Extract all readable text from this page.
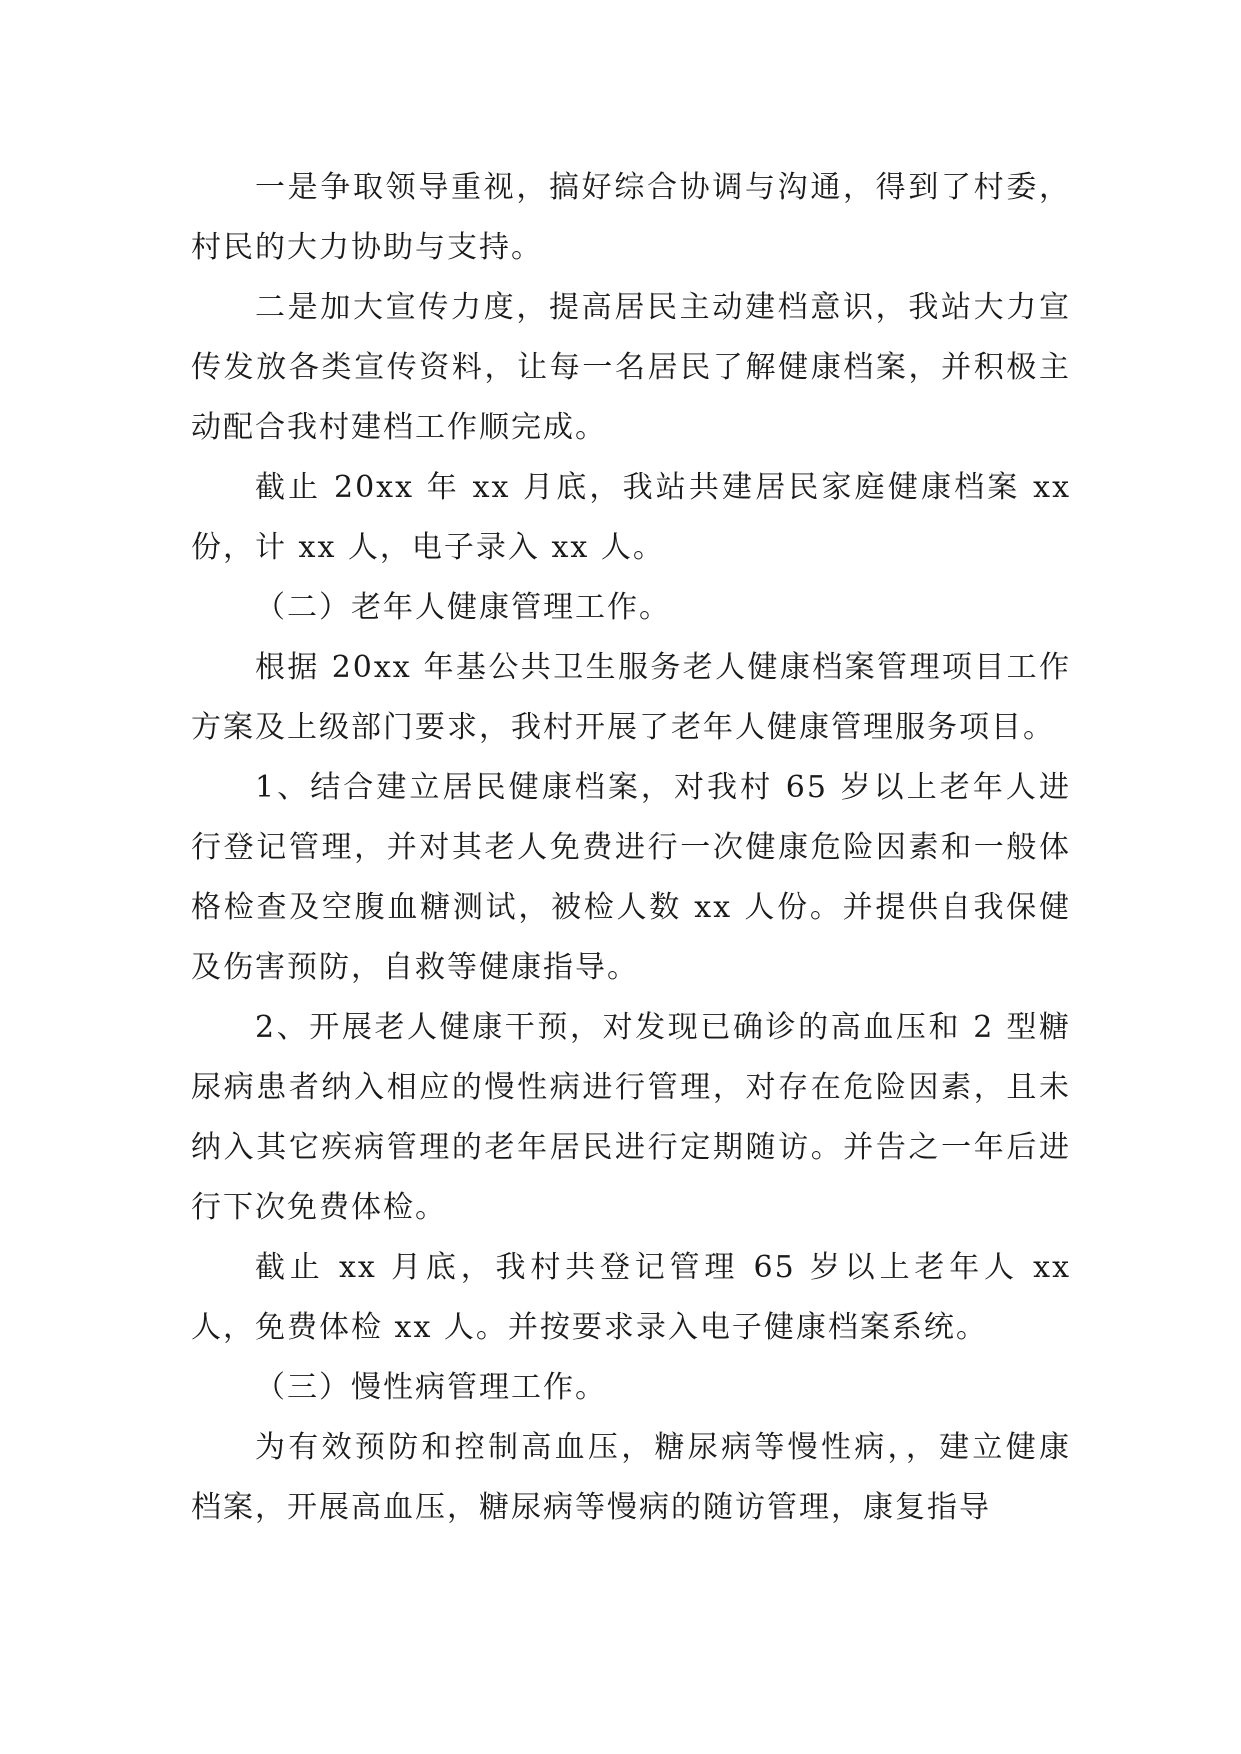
一是争取领导重视，搞好综合协调与沟通，得到了村委，村民的大力协助与支持。

二是加大宣传力度，提高居民主动建档意识，我站大力宣传发放各类宣传资料，让每一名居民了解健康档案，并积极主动配合我村建档工作顺完成。

截止 20xx 年 xx 月底，我站共建居民家庭健康档案 xx 份，计 xx 人，电子录入 xx 人。

（二）老年人健康管理工作。

根据 20xx 年基公共卫生服务老人健康档案管理项目工作方案及上级部门要求，我村开展了老年人健康管理服务项目。

1、结合建立居民健康档案，对我村 65 岁以上老年人进行登记管理，并对其老人免费进行一次健康危险因素和一般体格检查及空腹血糖测试，被检人数 xx 人份。并提供自我保健及伤害预防，自救等健康指导。

2、开展老人健康干预，对发现已确诊的高血压和 2 型糖尿病患者纳入相应的慢性病进行管理，对存在危险因素，且未纳入其它疾病管理的老年居民进行定期随访。并告之一年后进行下次免费体检。

截止 xx 月底，我村共登记管理 65 岁以上老年人 xx 人，免费体检 xx 人。并按要求录入电子健康档案系统。

（三）慢性病管理工作。

为有效预防和控制高血压，糖尿病等慢性病，，建立健康档案，开展高血压，糖尿病等慢病的随访管理，康复指导
